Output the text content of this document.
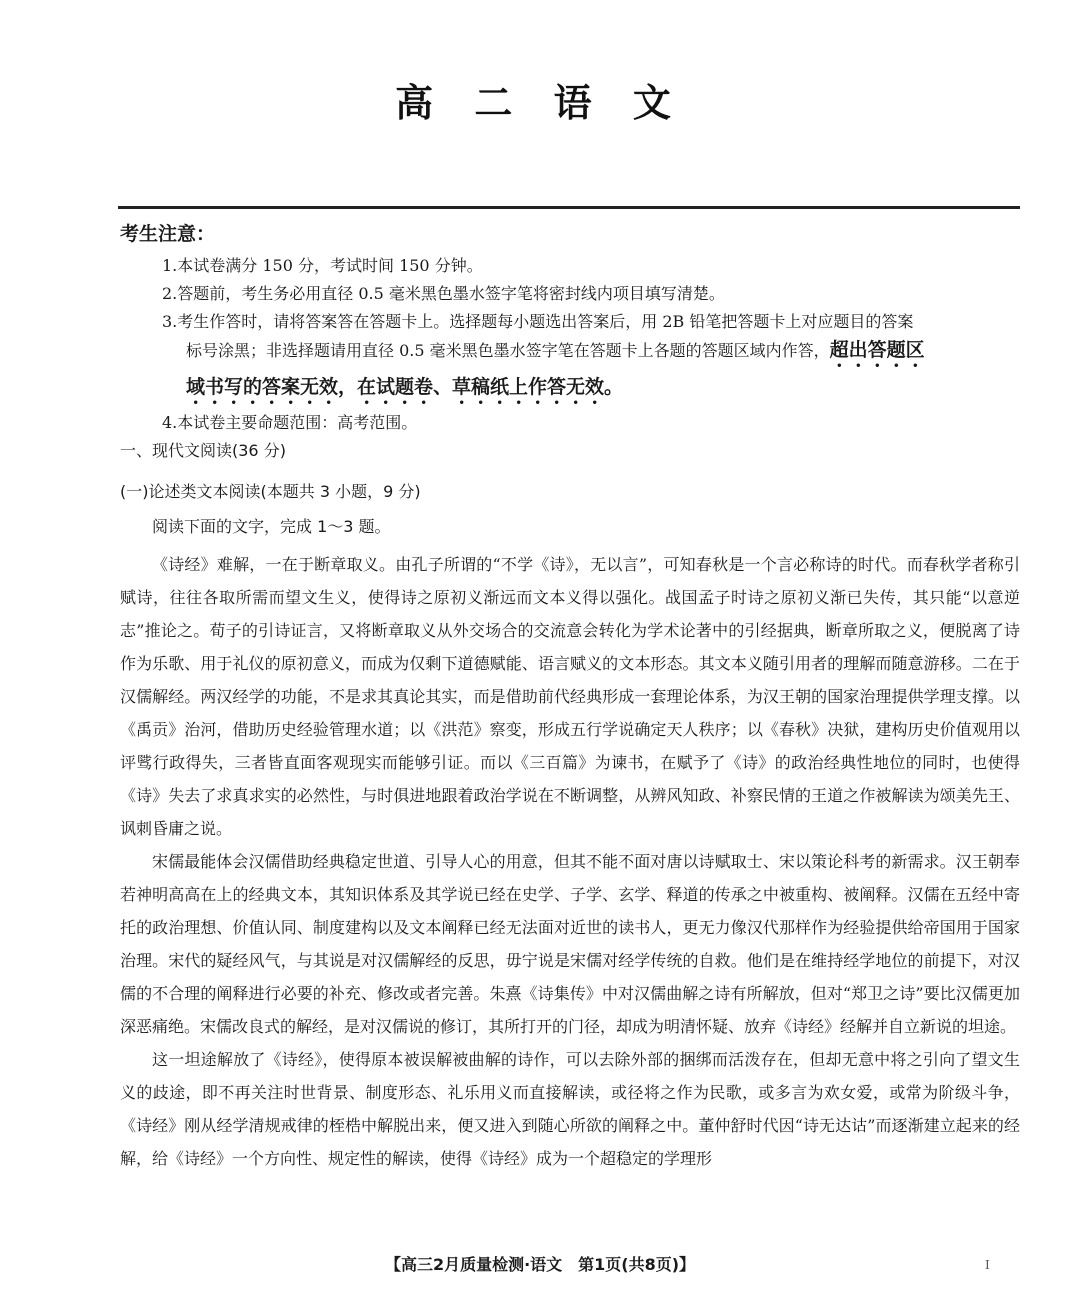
高 二 语 文
考生注意：

1.本试卷满分 150 分，考试时间 150 分钟。

2.答题前，考生务必用直径 0.5 毫米黑色墨水签字笔将密封线内项目填写清楚。

3.考生作答时，请将答案答在答题卡上。选择题每小题选出答案后，用 2B 铅笔把答题卡上对应题目的答案

标号涂黑；非选择题请用直径 0.5 毫米黑色墨水签字笔在答题卡上各题的答题区域内作答，超出答题区

域书写的答案无效，在试题卷、草稿纸上作答无效。

4.本试卷主要命题范围：高考范围。

一、现代文阅读(36 分)
(一)论述类文本阅读(本题共 3 小题，9 分)
阅读下面的文字，完成 1～3 题。

《诗经》难解，一在于断章取义。由孔子所谓的“不学《诗》，无以言”，可知春秋是一个言必称诗的时代。而春秋学者称引赋诗，往往各取所需而望文生义，使得诗之原初义渐远而文本义得以强化。战国孟子时诗之原初义渐已失传，其只能“以意逆志”推论之。荀子的引诗证言，又将断章取义从外交场合的交流意会转化为学术论著中的引经据典，断章所取之义，便脱离了诗作为乐歌、用于礼仪的原初意义，而成为仅剩下道德赋能、语言赋义的文本形态。其文本义随引用者的理解而随意游移。二在于汉儒解经。两汉经学的功能，不是求其真论其实，而是借助前代经典形成一套理论体系，为汉王朝的国家治理提供学理支撑。以《禹贡》治河，借助历史经验管理水道；以《洪范》察变，形成五行学说确定天人秩序；以《春秋》决狱，建构历史价值观用以评骘行政得失，三者皆直面客观现实而能够引证。而以《三百篇》为谏书，在赋予了《诗》的政治经典性地位的同时，也使得《诗》失去了求真求实的必然性，与时俱进地跟着政治学说在不断调整，从辨风知政、补察民情的王道之作被解读为颂美先王、讽刺昏庸之说。

宋儒最能体会汉儒借助经典稳定世道、引导人心的用意，但其不能不面对唐以诗赋取士、宋以策论科考的新需求。汉王朝奉若神明高高在上的经典文本，其知识体系及其学说已经在史学、子学、玄学、释道的传承之中被重构、被阐释。汉儒在五经中寄托的政治理想、价值认同、制度建构以及文本阐释已经无法面对近世的读书人，更无力像汉代那样作为经验提供给帝国用于国家治理。宋代的疑经风气，与其说是对汉儒解经的反思，毋宁说是宋儒对经学传统的自救。他们是在维持经学地位的前提下，对汉儒的不合理的阐释进行必要的补充、修改或者完善。朱熹《诗集传》中对汉儒曲解之诗有所解放，但对“郑卫之诗”要比汉儒更加深恶痛绝。宋儒改良式的解经，是对汉儒说的修订，其所打开的门径，却成为明清怀疑、放弃《诗经》经解并自立新说的坦途。

这一坦途解放了《诗经》，使得原本被误解被曲解的诗作，可以去除外部的捆绑而活泼存在，但却无意中将之引向了望文生义的歧途，即不再关注时世背景、制度形态、礼乐用义而直接解读，或径将之作为民歌，或多言为欢女爱，或常为阶级斗争，《诗经》刚从经学清规戒律的桎梏中解脱出来，便又进入到随心所欲的阐释之中。董仲舒时代因“诗无达诂”而逐渐建立起来的经解，给《诗经》一个方向性、规定性的解读，使得《诗经》成为一个超稳定的学理形

【高三2月质量检测·语文　第1页(共8页)】	I
